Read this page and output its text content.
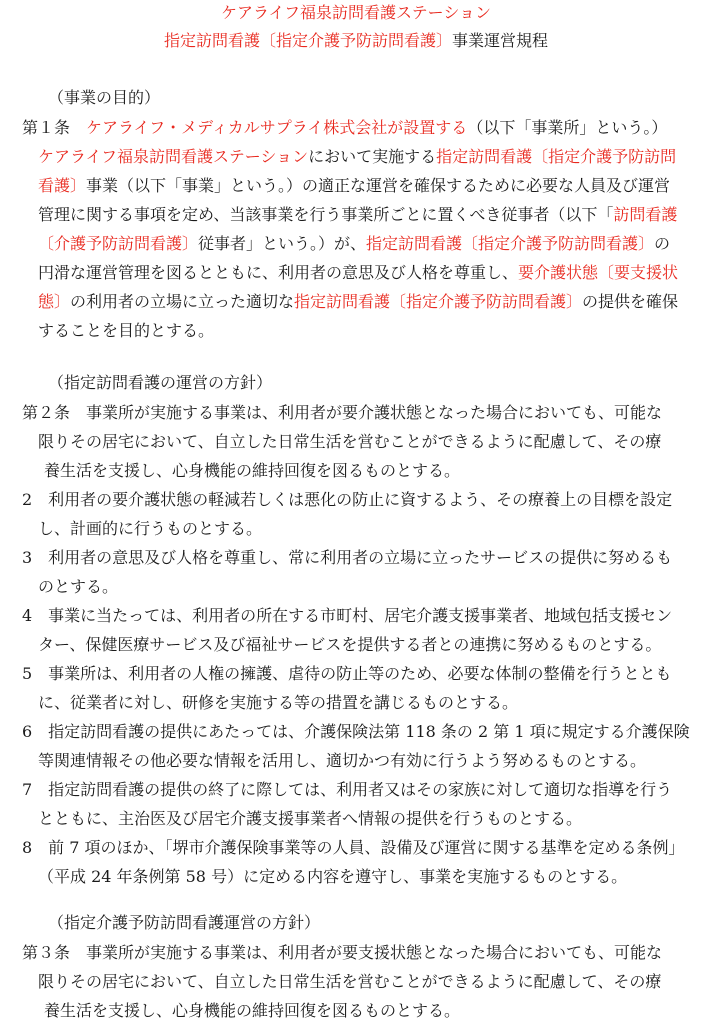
ケアライフ福泉訪問看護ステーション
指定訪問看護〔指定介護予防訪問看護〕事業運営規程
（事業の目的）
第１条　 ケアライフ・メディカルサプライ株式会社が設置する（以下「事業所」という。）
ケアライフ福泉訪問看護ステーションにおいて実施する指定訪問看護〔指定介護予防訪問
看護〕事業（以下「事業」という。）の適正な運営を確保するために必要な人員及び運営
管理に関する事項を定め、当該事業を行う事業所ごとに置くべき従事者（以下「訪問看護
〔介護予防訪問看護〕従事者」という。）が、指定訪問看護〔指定介護予防訪問看護〕の
円滑な運営管理を図るとともに、利用者の意思及び人格を尊重し、要介護状態〔要支援状
態〕の利用者の立場に立った適切な指定訪問看護〔指定介護予防訪問看護〕の提供を確保
することを目的とする。
（指定訪問看護の運営の方針）
第２条　事業所が実施する事業は、利用者が要介護状態となった場合においても、可能な
限りその居宅において、自立した日常生活を営むことができるように配慮して、その療
養生活を支援し、心身機能の維持回復を図るものとする。
2　利用者の要介護状態の軽減若しくは悪化の防止に資するよう、その療養上の目標を設定
し、計画的に行うものとする。
3　利用者の意思及び人格を尊重し、常に利用者の立場に立ったサービスの提供に努めるも
のとする。
4　事業に当たっては、利用者の所在する市町村、居宅介護支援事業者、地域包括支援セン
ター、保健医療サービス及び福祉サービスを提供する者との連携に努めるものとする。
5　事業所は、利用者の人権の擁護、虐待の防止等のため、必要な体制の整備を行うととも
に、従業者に対し、研修を実施する等の措置を講じるものとする。
6　指定訪問看護の提供にあたっては、介護保険法第 118 条の 2 第 1 項に規定する介護保険
等関連情報その他必要な情報を活用し、適切かつ有効に行うよう努めるものとする。
7　指定訪問看護の提供の終了に際しては、利用者又はその家族に対して適切な指導を行う
とともに、主治医及び居宅介護支援事業者へ情報の提供を行うものとする。
8　前 7 項のほか、「堺市介護保険事業等の人員、設備及び運営に関する基準を定める条例」
（平成 24 年条例第 58 号）に定める内容を遵守し、事業を実施するものとする。
（指定介護予防訪問看護運営の方針）
第３条　事業所が実施する事業は、利用者が要支援状態となった場合においても、可能な
限りその居宅において、自立した日常生活を営むことができるように配慮して、その療
養生活を支援し、心身機能の維持回復を図るものとする。
